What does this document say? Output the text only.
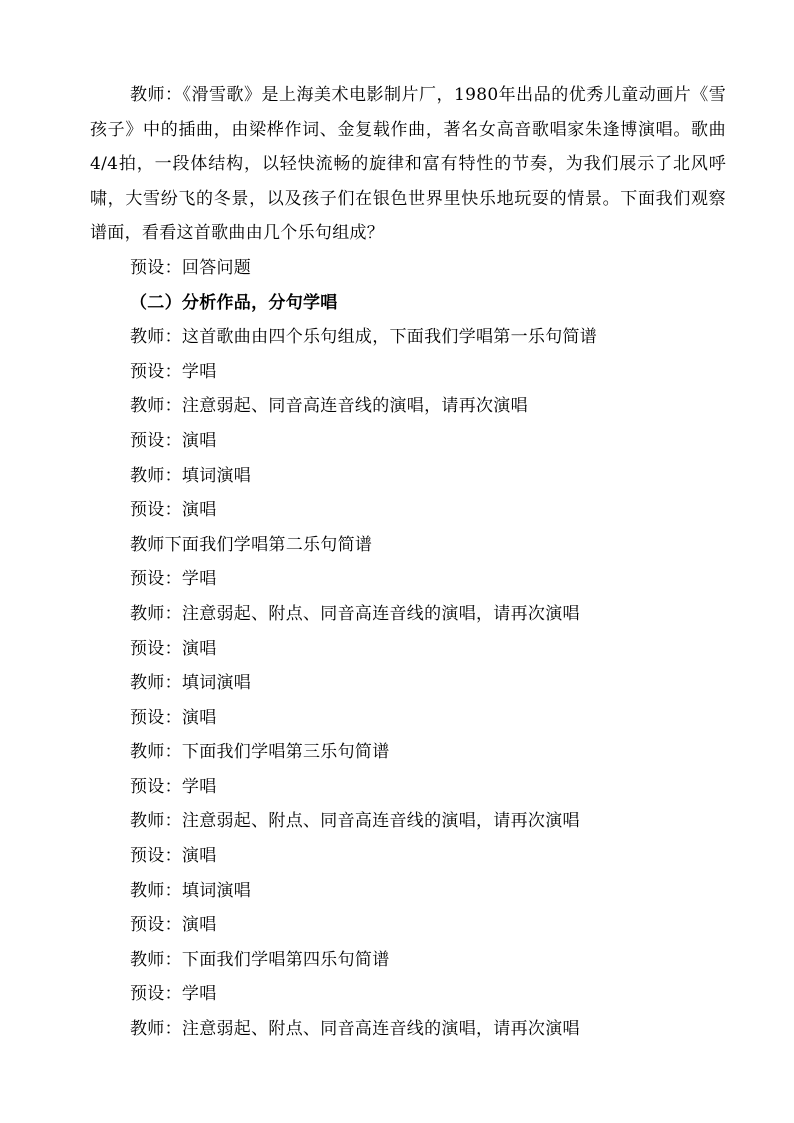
教师：《滑雪歌》是上海美术电影制片厂，1980年出品的优秀儿童动画片《雪孩子》中的插曲，由梁桦作词、金复载作曲，著名女高音歌唱家朱逢博演唱。歌曲4/4拍，一段体结构，以轻快流畅的旋律和富有特性的节奏，为我们展示了北风呼啸，大雪纷飞的冬景，以及孩子们在银色世界里快乐地玩耍的情景。下面我们观察谱面，看看这首歌曲由几个乐句组成？

预设：回答问题

（二）分析作品，分句学唱

教师：这首歌曲由四个乐句组成，下面我们学唱第一乐句简谱

预设：学唱

教师：注意弱起、同音高连音线的演唱，请再次演唱

预设：演唱

教师：填词演唱

预设：演唱

教师下面我们学唱第二乐句简谱

预设：学唱

教师：注意弱起、附点、同音高连音线的演唱，请再次演唱

预设：演唱

教师：填词演唱

预设：演唱

教师：下面我们学唱第三乐句简谱

预设：学唱

教师：注意弱起、附点、同音高连音线的演唱，请再次演唱

预设：演唱

教师：填词演唱

预设：演唱

教师：下面我们学唱第四乐句简谱

预设：学唱

教师：注意弱起、附点、同音高连音线的演唱，请再次演唱
